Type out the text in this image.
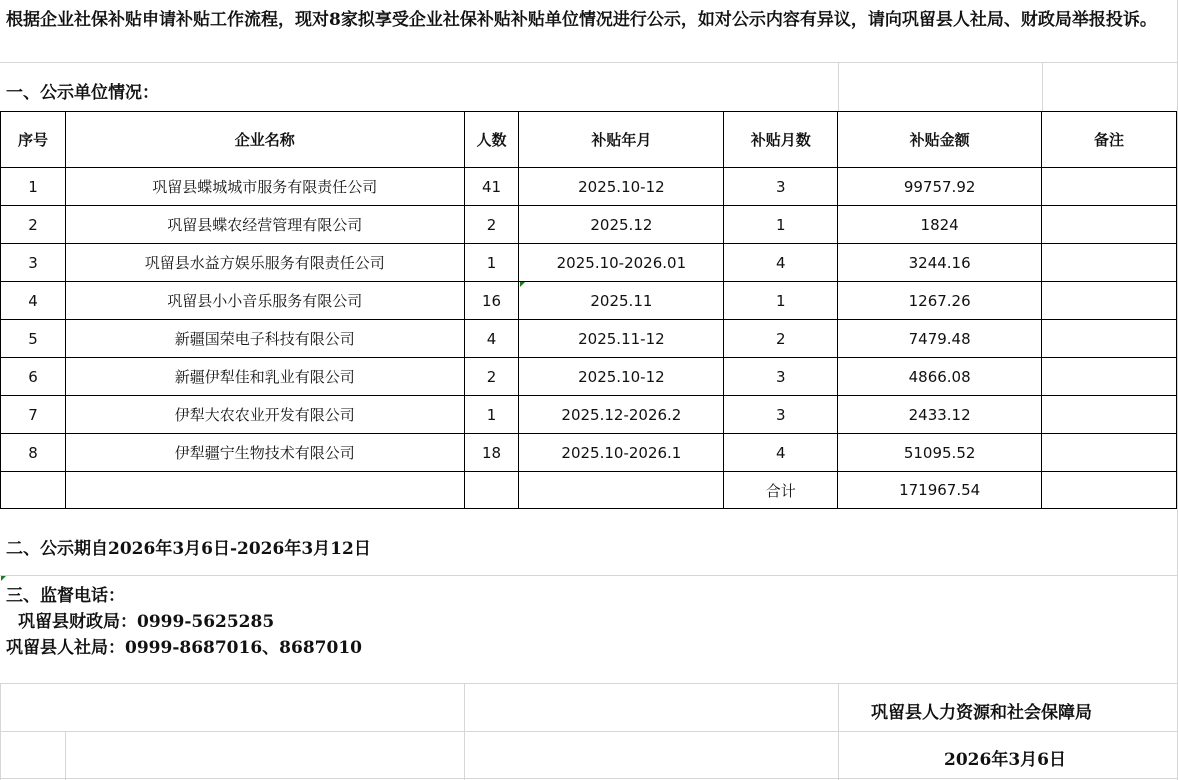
根据企业社保补贴申请补贴工作流程，现对8家拟享受企业社保补贴补贴单位情况进行公示，如对公示内容有异议，请向巩留县人社局、财政局举报投诉。
一、公示单位情况：
序号	企业名称	人数	补贴年月	补贴月数	补贴金额	备注
1	巩留县蝶城城市服务有限责任公司	41	2025.10-12	3	99757.92	
2	巩留县蝶农经营管理有限公司	2	2025.12	1	1824	
3	巩留县水益方娱乐服务有限责任公司	1	2025.10-2026.01	4	3244.16	
4	巩留县小小音乐服务有限公司	16	2025.11	1	1267.26	
5	新疆国荣电子科技有限公司	4	2025.11-12	2	7479.48	
6	新疆伊犁佳和乳业有限公司	2	2025.10-12	3	4866.08	
7	伊犁大农农业开发有限公司	1	2025.12-2026.2	3	2433.12	
8	伊犁疆宁生物技术有限公司	18	2025.10-2026.1	4	51095.52	
				合计	171967.54	
二、公示期自2026年3月6日-2026年3月12日
三、监督电话：
巩留县财政局：0999-5625285
巩留县人社局：0999-8687016、8687010
巩留县人力资源和社会保障局
2026年3月6日
